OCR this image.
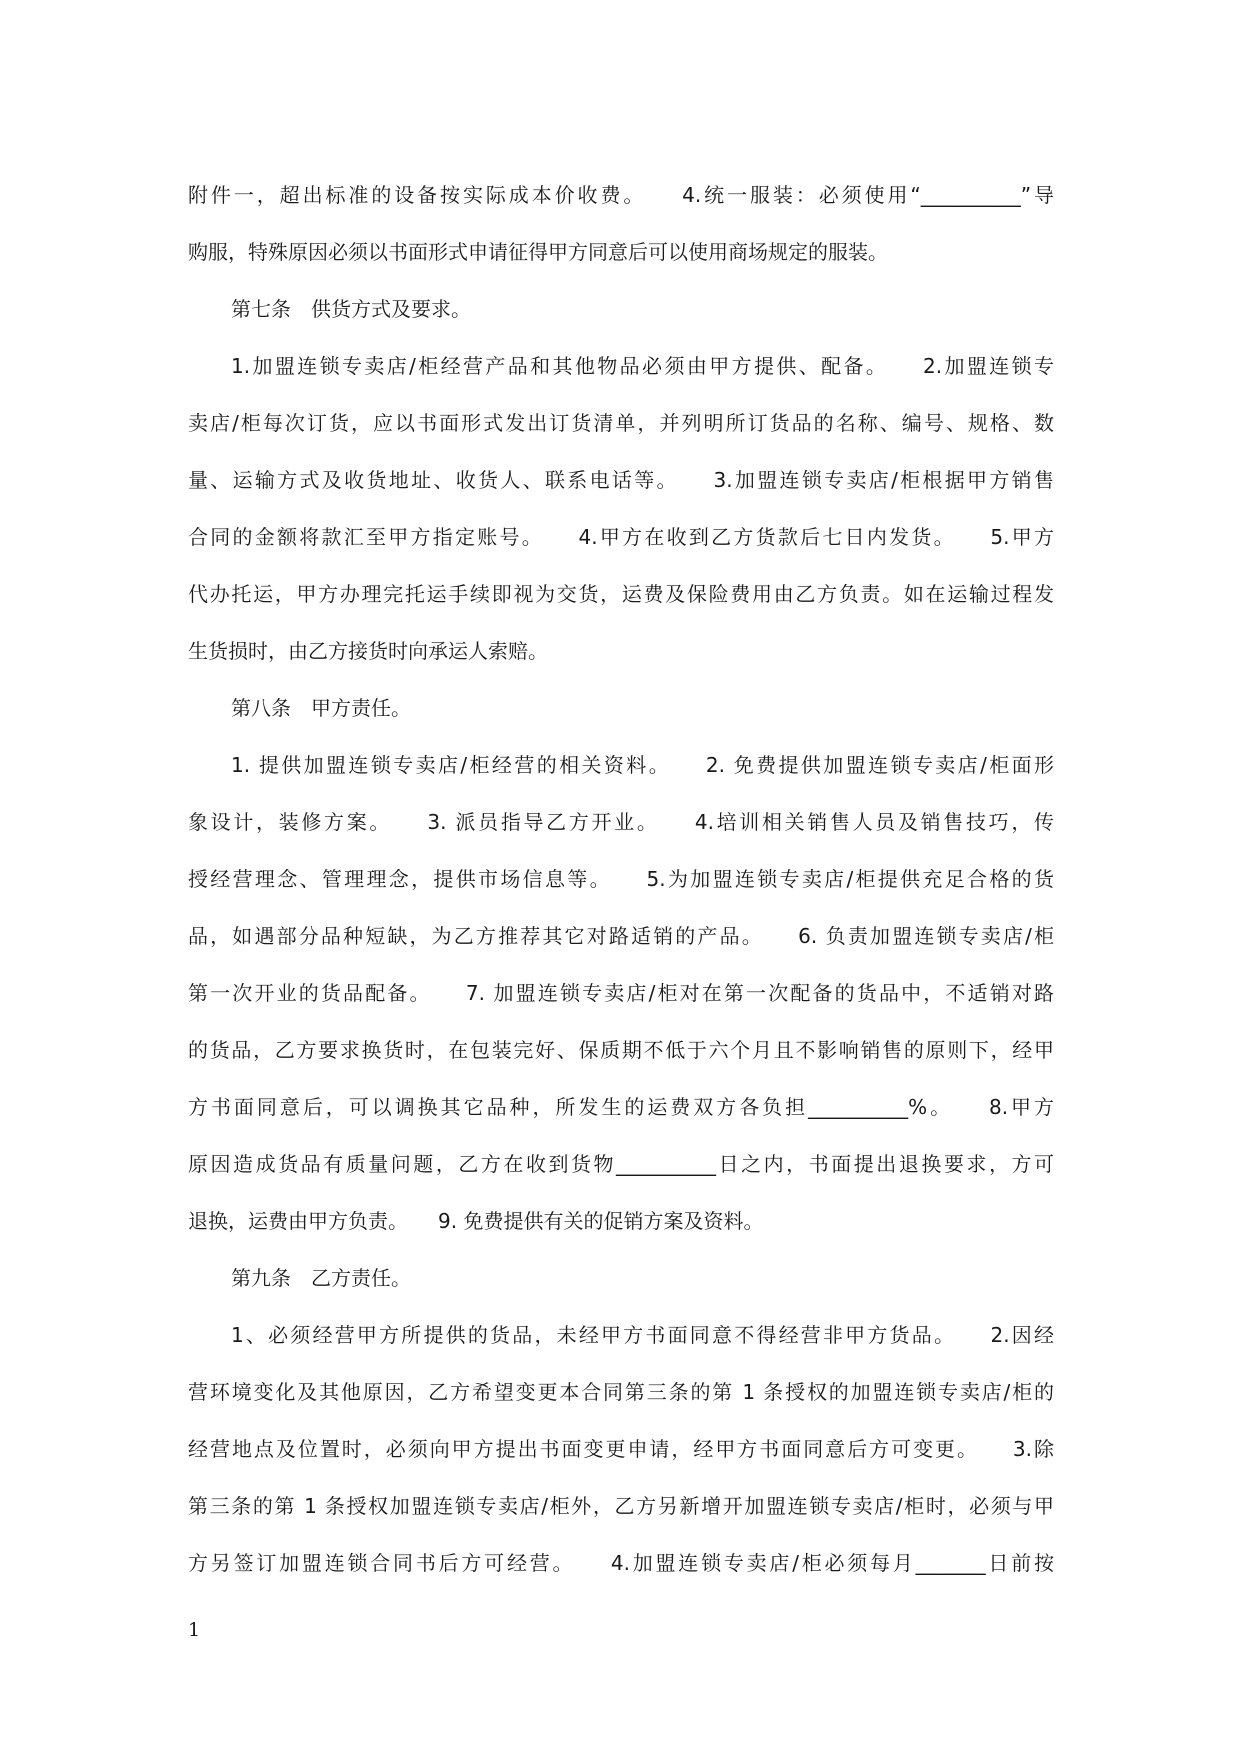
附件一，超出标准的设备按实际成本价收费。　　4.统一服装：必须使用“__________”导
购服，特殊原因必须以书面形式申请征得甲方同意后可以使用商场规定的服装。
第七条　供货方式及要求。
1.加盟连锁专卖店/柜经营产品和其他物品必须由甲方提供、配备。　　2.加盟连锁专
卖店/柜每次订货，应以书面形式发出订货清单，并列明所订货品的名称、编号、规格、数
量、运输方式及收货地址、收货人、联系电话等。　　3.加盟连锁专卖店/柜根据甲方销售
合同的金额将款汇至甲方指定账号。　　4.甲方在收到乙方货款后七日内发货。　　5.甲方
代办托运，甲方办理完托运手续即视为交货，运费及保险费用由乙方负责。如在运输过程发
生货损时，由乙方接货时向承运人索赔。
第八条　甲方责任。
1. 提供加盟连锁专卖店/柜经营的相关资料。　　2. 免费提供加盟连锁专卖店/柜面形
象设计，装修方案。　　3. 派员指导乙方开业。　　4.培训相关销售人员及销售技巧，传
授经营理念、管理理念，提供市场信息等。　　5.为加盟连锁专卖店/柜提供充足合格的货
品，如遇部分品种短缺，为乙方推荐其它对路适销的产品。　　6. 负责加盟连锁专卖店/柜
第一次开业的货品配备。　　7. 加盟连锁专卖店/柜对在第一次配备的货品中，不适销对路
的货品，乙方要求换货时，在包装完好、保质期不低于六个月且不影响销售的原则下，经甲
方书面同意后，可以调换其它品种，所发生的运费双方各负担__________%。　　8.甲方
原因造成货品有质量问题，乙方在收到货物__________日之内，书面提出退换要求，方可
退换，运费由甲方负责。　　9. 免费提供有关的促销方案及资料。
第九条　乙方责任。
1、必须经营甲方所提供的货品，未经甲方书面同意不得经营非甲方货品。　　2.因经
营环境变化及其他原因，乙方希望变更本合同第三条的第 1 条授权的加盟连锁专卖店/柜的
经营地点及位置时，必须向甲方提出书面变更申请，经甲方书面同意后方可变更。　　3.除
第三条的第 1 条授权加盟连锁专卖店/柜外，乙方另新增开加盟连锁专卖店/柜时，必须与甲
方另签订加盟连锁合同书后方可经营。　　4.加盟连锁专卖店/柜必须每月_______日前按
1
